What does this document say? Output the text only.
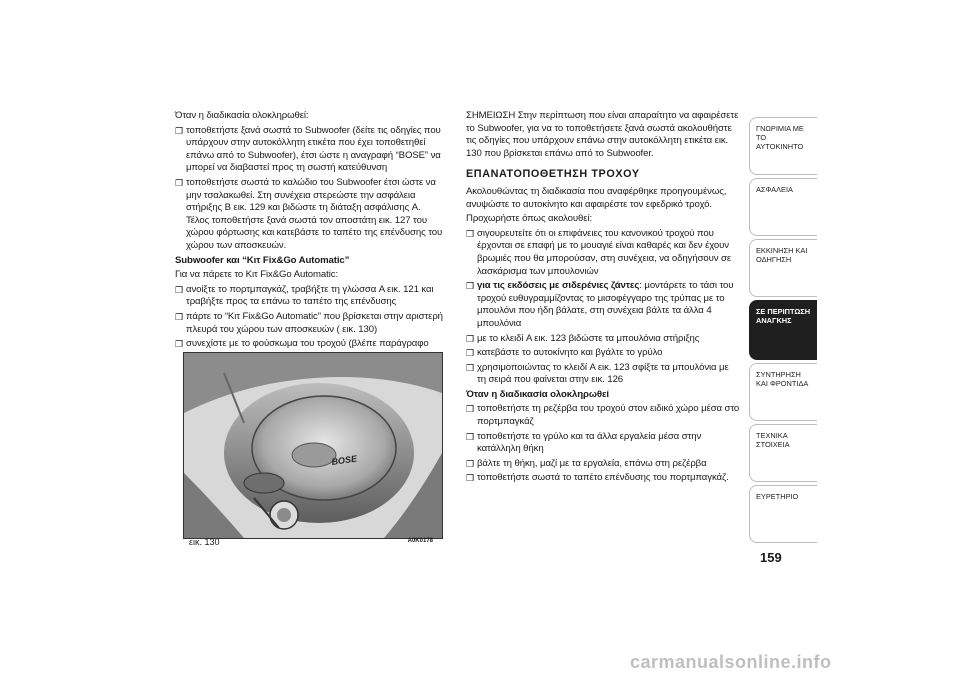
Όταν η διαδικασία ολοκληρωθεί:

❒ τοποθετήστε ξανά σωστά το Subwoofer (δείτε τις οδηγίες που υπάρχουν στην αυτοκόλλητη ετικέτα που έχει τοποθετηθεί επάνω από το Subwoofer), έτσι ώστε η αναγραφή “BOSE” να μπορεί να διαβαστεί προς τη σωστή κατεύθυνση
❒ τοποθετήστε σωστά το καλώδιο του Subwoofer έτσι ώστε να μην τσαλακωθεί. Στη συνέχεια στερεώστε την ασφάλεια στήριξης B εικ. 129 και βιδώστε τη διάταξη ασφάλισης A. Τέλος τοποθετήστε ξανά σωστά τον αποστάτη εικ. 127 του χώρου φόρτωσης και κατεβάστε το ταπέτο της επένδυσης του χώρου των αποσκευών.

Subwoofer και “Kιτ Fix&Go Automatic”

Για να πάρετε το Kιτ Fix&Go Automatic:

❒ ανοίξτε το πορτμπαγκάζ, τραβήξτε τη γλώσσα A εικ. 121 και τραβήξτε προς τα επάνω το ταπέτο της επένδυσης
❒ πάρτε το “Kιτ Fix&Go Automatic” που βρίσκεται στην αριστερή πλευρά του χώρου των αποσκευών ( εικ. 130)
❒ συνεχίστε με το φούσκωμα του τροχού (βλέπε παράγραφο
BOSE
εικ. 130	A0K0178

ΣΗΜΕΙΩΣΗ Στην περίπτωση που είναι απαραίτητο να αφαιρέσετε το Subwoofer, για να το τοποθετήσετε ξανά σωστά ακολουθήστε τις οδηγίες που υπάρχουν επάνω στην αυτοκόλλητη ετικέτα εικ. 130 που βρίσκεται επάνω από το Subwoofer.

ΕΠΑΝΑΤΟΠΟΘΕΤΗΣΗ ΤΡΟΧΟΥ

Ακολουθώντας τη διαδικασία που αναφέρθηκε προηγουμένως, ανυψώστε το αυτοκίνητο και αφαιρέστε τον εφεδρικό τροχό.

Προχωρήστε όπως ακολουθεί:

❒ σιγουρευτείτε ότι οι επιφάνειες του κανονικού τροχού που έρχονται σε επαφή με το μουαγιέ είναι καθαρές και δεν έχουν βρωμιές που θα μπορούσαν, στη συνέχεια, να οδηγήσουν σε λασκάρισμα των μπουλονιών
❒ για τις εκδόσεις με σιδερένιες ζάντες: μοντάρετε το τάσι του τροχού ευθυγραμμίζοντας το μισοφέγγαρο της τρύπας με το μπουλόνι που ήδη βάλατε, στη συνέχεια βάλτε τα άλλα 4 μπουλόνια
❒ με το κλειδί A εικ. 123 βιδώστε τα μπουλόνια στήριξης
❒ κατεβάστε το αυτοκίνητο και βγάλτε το γρύλο
❒ χρησιμοποιώντας το κλειδί A εικ. 123 σφίξτε τα μπουλόνια με τη σειρά που φαίνεται στην εικ. 126

Όταν η διαδικασία ολοκληρωθεί

❒ τοποθετήστε τη ρεζέρβα του τροχού στον ειδικό χώρο μέσα στο πορτμπαγκάζ
❒ τοποθετήστε το γρύλο και τα άλλα εργαλεία μέσα στην κατάλληλη θήκη
❒ βάλτε τη θήκη, μαζί με τα εργαλεία, επάνω στη ρεζέρβα
❒ τοποθετήστε σωστά το ταπέτο επένδυσης του πορτμπαγκάζ.
ΓΝΩΡΙΜΙΑ ΜΕ ΤΟ ΑΥΤΟΚΙΝΗΤΟ
ΑΣΦΑΛΕΙΑ
ΕΚΚΙΝΗΣΗ ΚΑΙ ΟΔΗΓΗΣΗ
ΣΕ ΠΕΡΙΠΤΩΣΗ ΑΝΑΓΚΗΣ
ΣΥΝΤΗΡΗΣΗ ΚΑΙ ΦΡΟΝΤΙΔΑ
ΤΕΧΝΙΚΑ ΣΤΟΙΧΕΙΑ
ΕΥΡΕΤΗΡΙΟ
159
carmanualsonline.info
